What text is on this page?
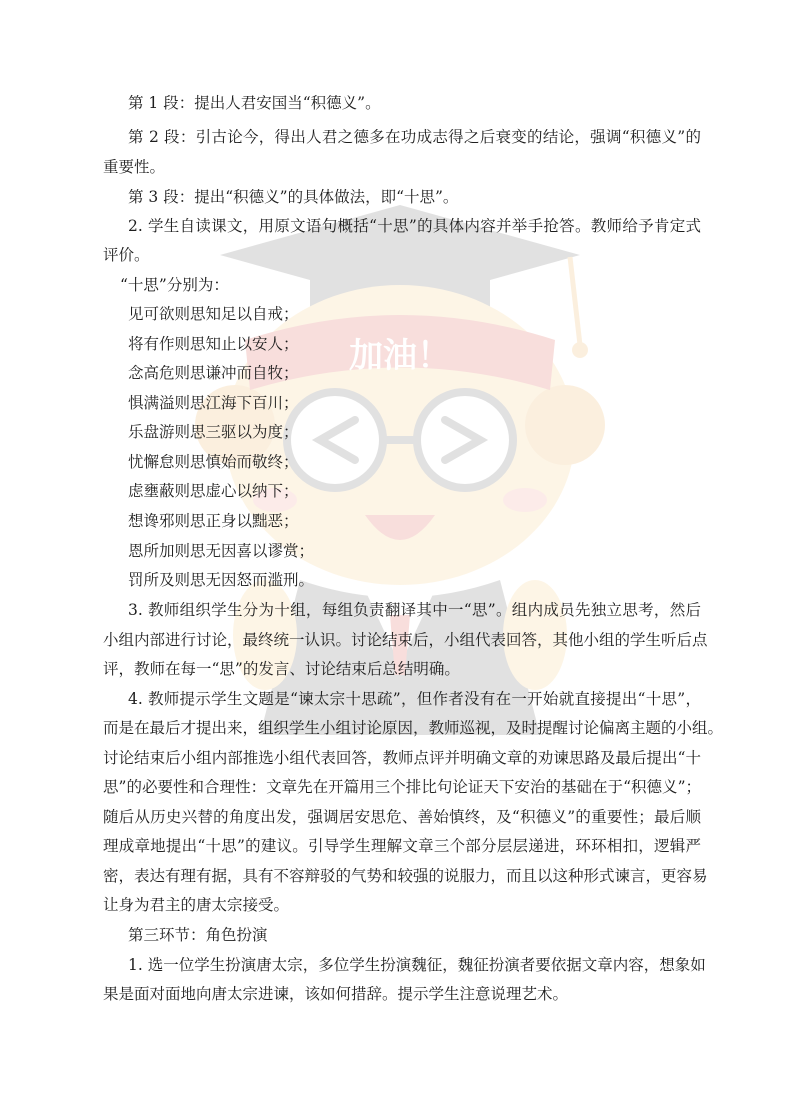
加油！
第 1 段：提出人君安国当“积德义”。
第 2 段：引古论今，得出人君之德多在功成志得之后衰变的结论，强调“积德义”的
重要性。
第 3 段：提出“积德义”的具体做法，即“十思”。
2. 学生自读课文，用原文语句概括“十思”的具体内容并举手抢答。教师给予肯定式
评价。
“十思”分别为：
见可欲则思知足以自戒；
将有作则思知止以安人；
念高危则思谦冲而自牧；
惧满溢则思江海下百川；
乐盘游则思三驱以为度；
忧懈怠则思慎始而敬终；
虑壅蔽则思虚心以纳下；
想谗邪则思正身以黜恶；
恩所加则思无因喜以谬赏；
罚所及则思无因怒而滥刑。
3. 教师组织学生分为十组，每组负责翻译其中一“思”。组内成员先独立思考，然后
小组内部进行讨论，最终统一认识。讨论结束后，小组代表回答，其他小组的学生听后点
评，教师在每一“思”的发言、讨论结束后总结明确。
4. 教师提示学生文题是“谏太宗十思疏”，但作者没有在一开始就直接提出“十思”，
而是在最后才提出来，组织学生小组讨论原因，教师巡视，及时提醒讨论偏离主题的小组。
讨论结束后小组内部推选小组代表回答，教师点评并明确文章的劝谏思路及最后提出“十
思”的必要性和合理性：文章先在开篇用三个排比句论证天下安治的基础在于“积德义”；
随后从历史兴替的角度出发，强调居安思危、善始慎终，及“积德义”的重要性；最后顺
理成章地提出“十思”的建议。引导学生理解文章三个部分层层递进，环环相扣，逻辑严
密，表达有理有据，具有不容辩驳的气势和较强的说服力，而且以这种形式谏言，更容易
让身为君主的唐太宗接受。
第三环节：角色扮演
1. 选一位学生扮演唐太宗，多位学生扮演魏征，魏征扮演者要依据文章内容，想象如
果是面对面地向唐太宗进谏，该如何措辞。提示学生注意说理艺术。
